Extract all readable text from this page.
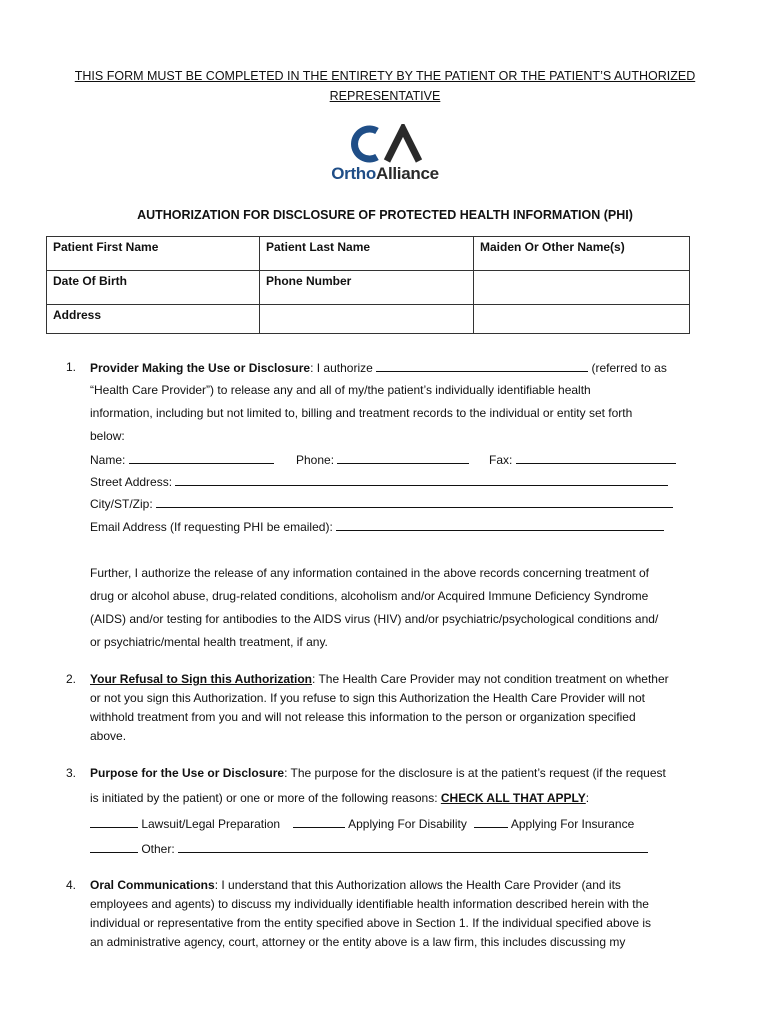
THIS FORM MUST BE COMPLETED IN THE ENTIRETY BY THE PATIENT OR THE PATIENT’S AUTHORIZED
REPRESENTATIVE
OrthoAlliance
AUTHORIZATION FOR DISCLOSURE OF PROTECTED HEALTH INFORMATION (PHI)
Patient First Name	Patient Last Name	Maiden Or Other Name(s)
Date Of Birth	Phone Number	
Address		
1. Provider Making the Use or Disclosure: I authorize	(referred to as
“Health Care Provider”) to release any and all of my/the patient’s individually identifiable health
information, including but not limited to, billing and treatment records to the individual or entity set forth
below:
Name:	Phone:	Fax:
Street Address:
City/ST/Zip:
Email Address (If requesting PHI be emailed):
Further, I authorize the release of any information contained in the above records concerning treatment of
drug or alcohol abuse, drug-related conditions, alcoholism and/or Acquired Immune Deficiency Syndrome
(AIDS) and/or testing for antibodies to the AIDS virus (HIV) and/or psychiatric/psychological conditions and/
or psychiatric/mental health treatment, if any.
2. Your Refusal to Sign this Authorization: The Health Care Provider may not condition treatment on whether
or not you sign this Authorization. If you refuse to sign this Authorization the Health Care Provider will not
withhold treatment from you and will not release this information to the person or organization specified
above.
3. Purpose for the Use or Disclosure: The purpose for the disclosure is at the patient’s request (if the request
is initiated by the patient) or one or more of the following reasons: CHECK ALL THAT APPLY:
Lawsuit/Legal Preparation	Applying For Disability	Applying For Insurance
Other:
4. Oral Communications: I understand that this Authorization allows the Health Care Provider (and its
employees and agents) to discuss my individually identifiable health information described herein with the
individual or representative from the entity specified above in Section 1. If the individual specified above is
an administrative agency, court, attorney or the entity above is a law firm, this includes discussing my
